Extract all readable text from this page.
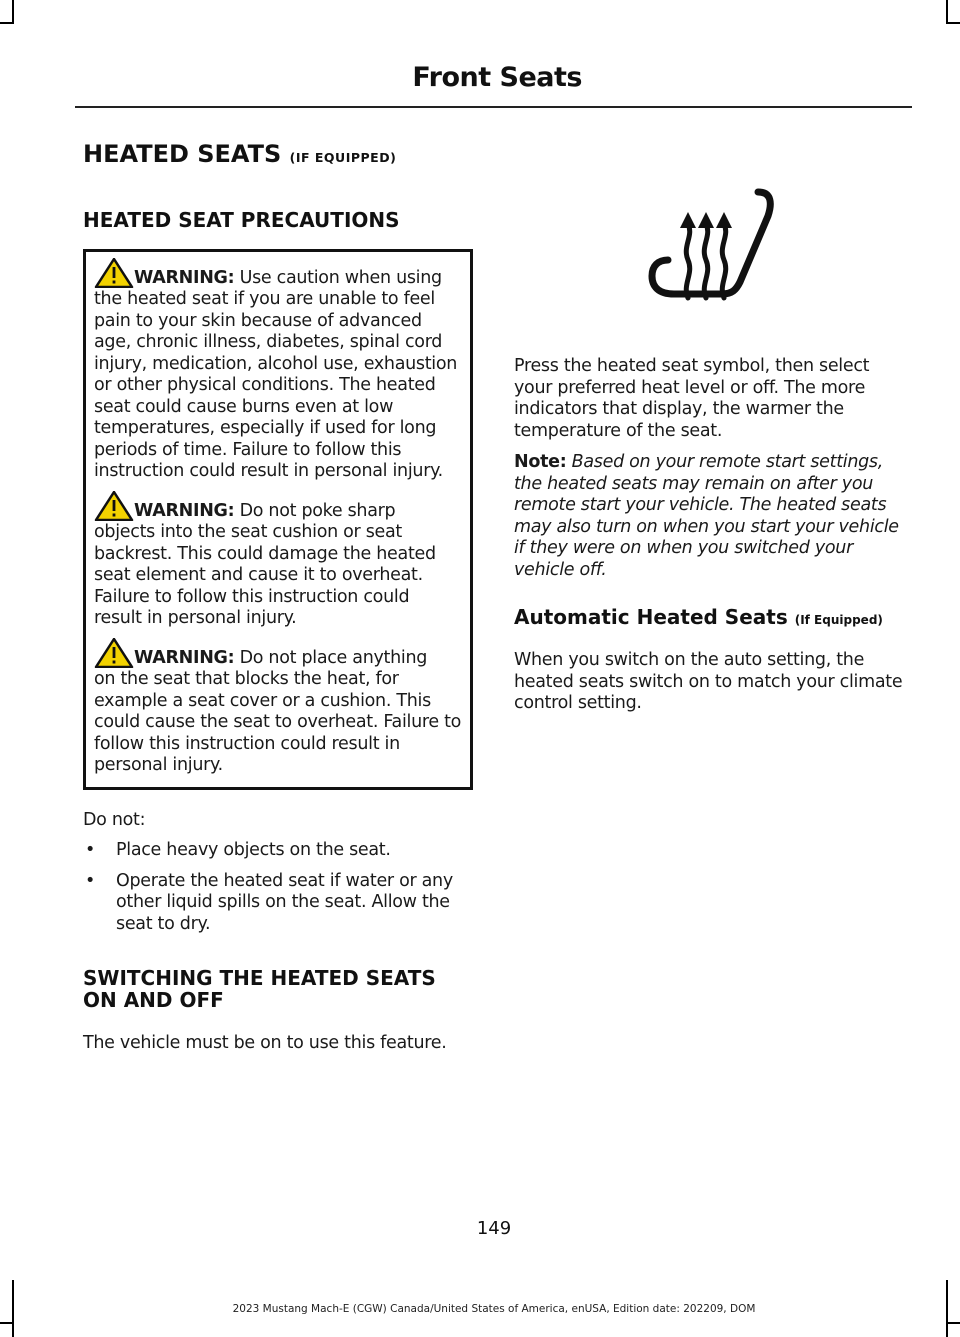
Front Seats
HEATED SEATS (IF EQUIPPED)
HEATED SEAT PRECAUTIONS

WARNING: Use caution when using
the heated seat if you are unable to feel pain to your skin because of advanced age, chronic illness, diabetes, spinal cord injury, medication, alcohol use, exhaustion or other physical conditions. The heated seat could cause burns even at low temperatures, especially if used for long periods of time. Failure to follow this instruction could result in personal injury.

WARNING: Do not poke sharp
objects into the seat cushion or seat backrest. This could damage the heated seat element and cause it to overheat. Failure to follow this instruction could result in personal injury.

WARNING: Do not place anything
on the seat that blocks the heat, for example a seat cover or a cushion. This could cause the seat to overheat. Failure to follow this instruction could result in personal injury.

Do not:

• Place heavy objects on the seat.
• Operate the heated seat if water or any other liquid spills on the seat. Allow the seat to dry.
SWITCHING THE HEATED SEATS ON AND OFF

The vehicle must be on to use this feature.

Press the heated seat symbol, then select your preferred heat level or off. The more indicators that display, the warmer the temperature of the seat.

Note: Based on your remote start settings, the heated seats may remain on after you remote start your vehicle. The heated seats may also turn on when you start your vehicle if they were on when you switched your vehicle off.

Automatic Heated Seats (If Equipped)

When you switch on the auto setting, the heated seats switch on to match your climate control setting.

149
2023 Mustang Mach-E (CGW) Canada/United States of America, enUSA, Edition date: 202209, DOM
